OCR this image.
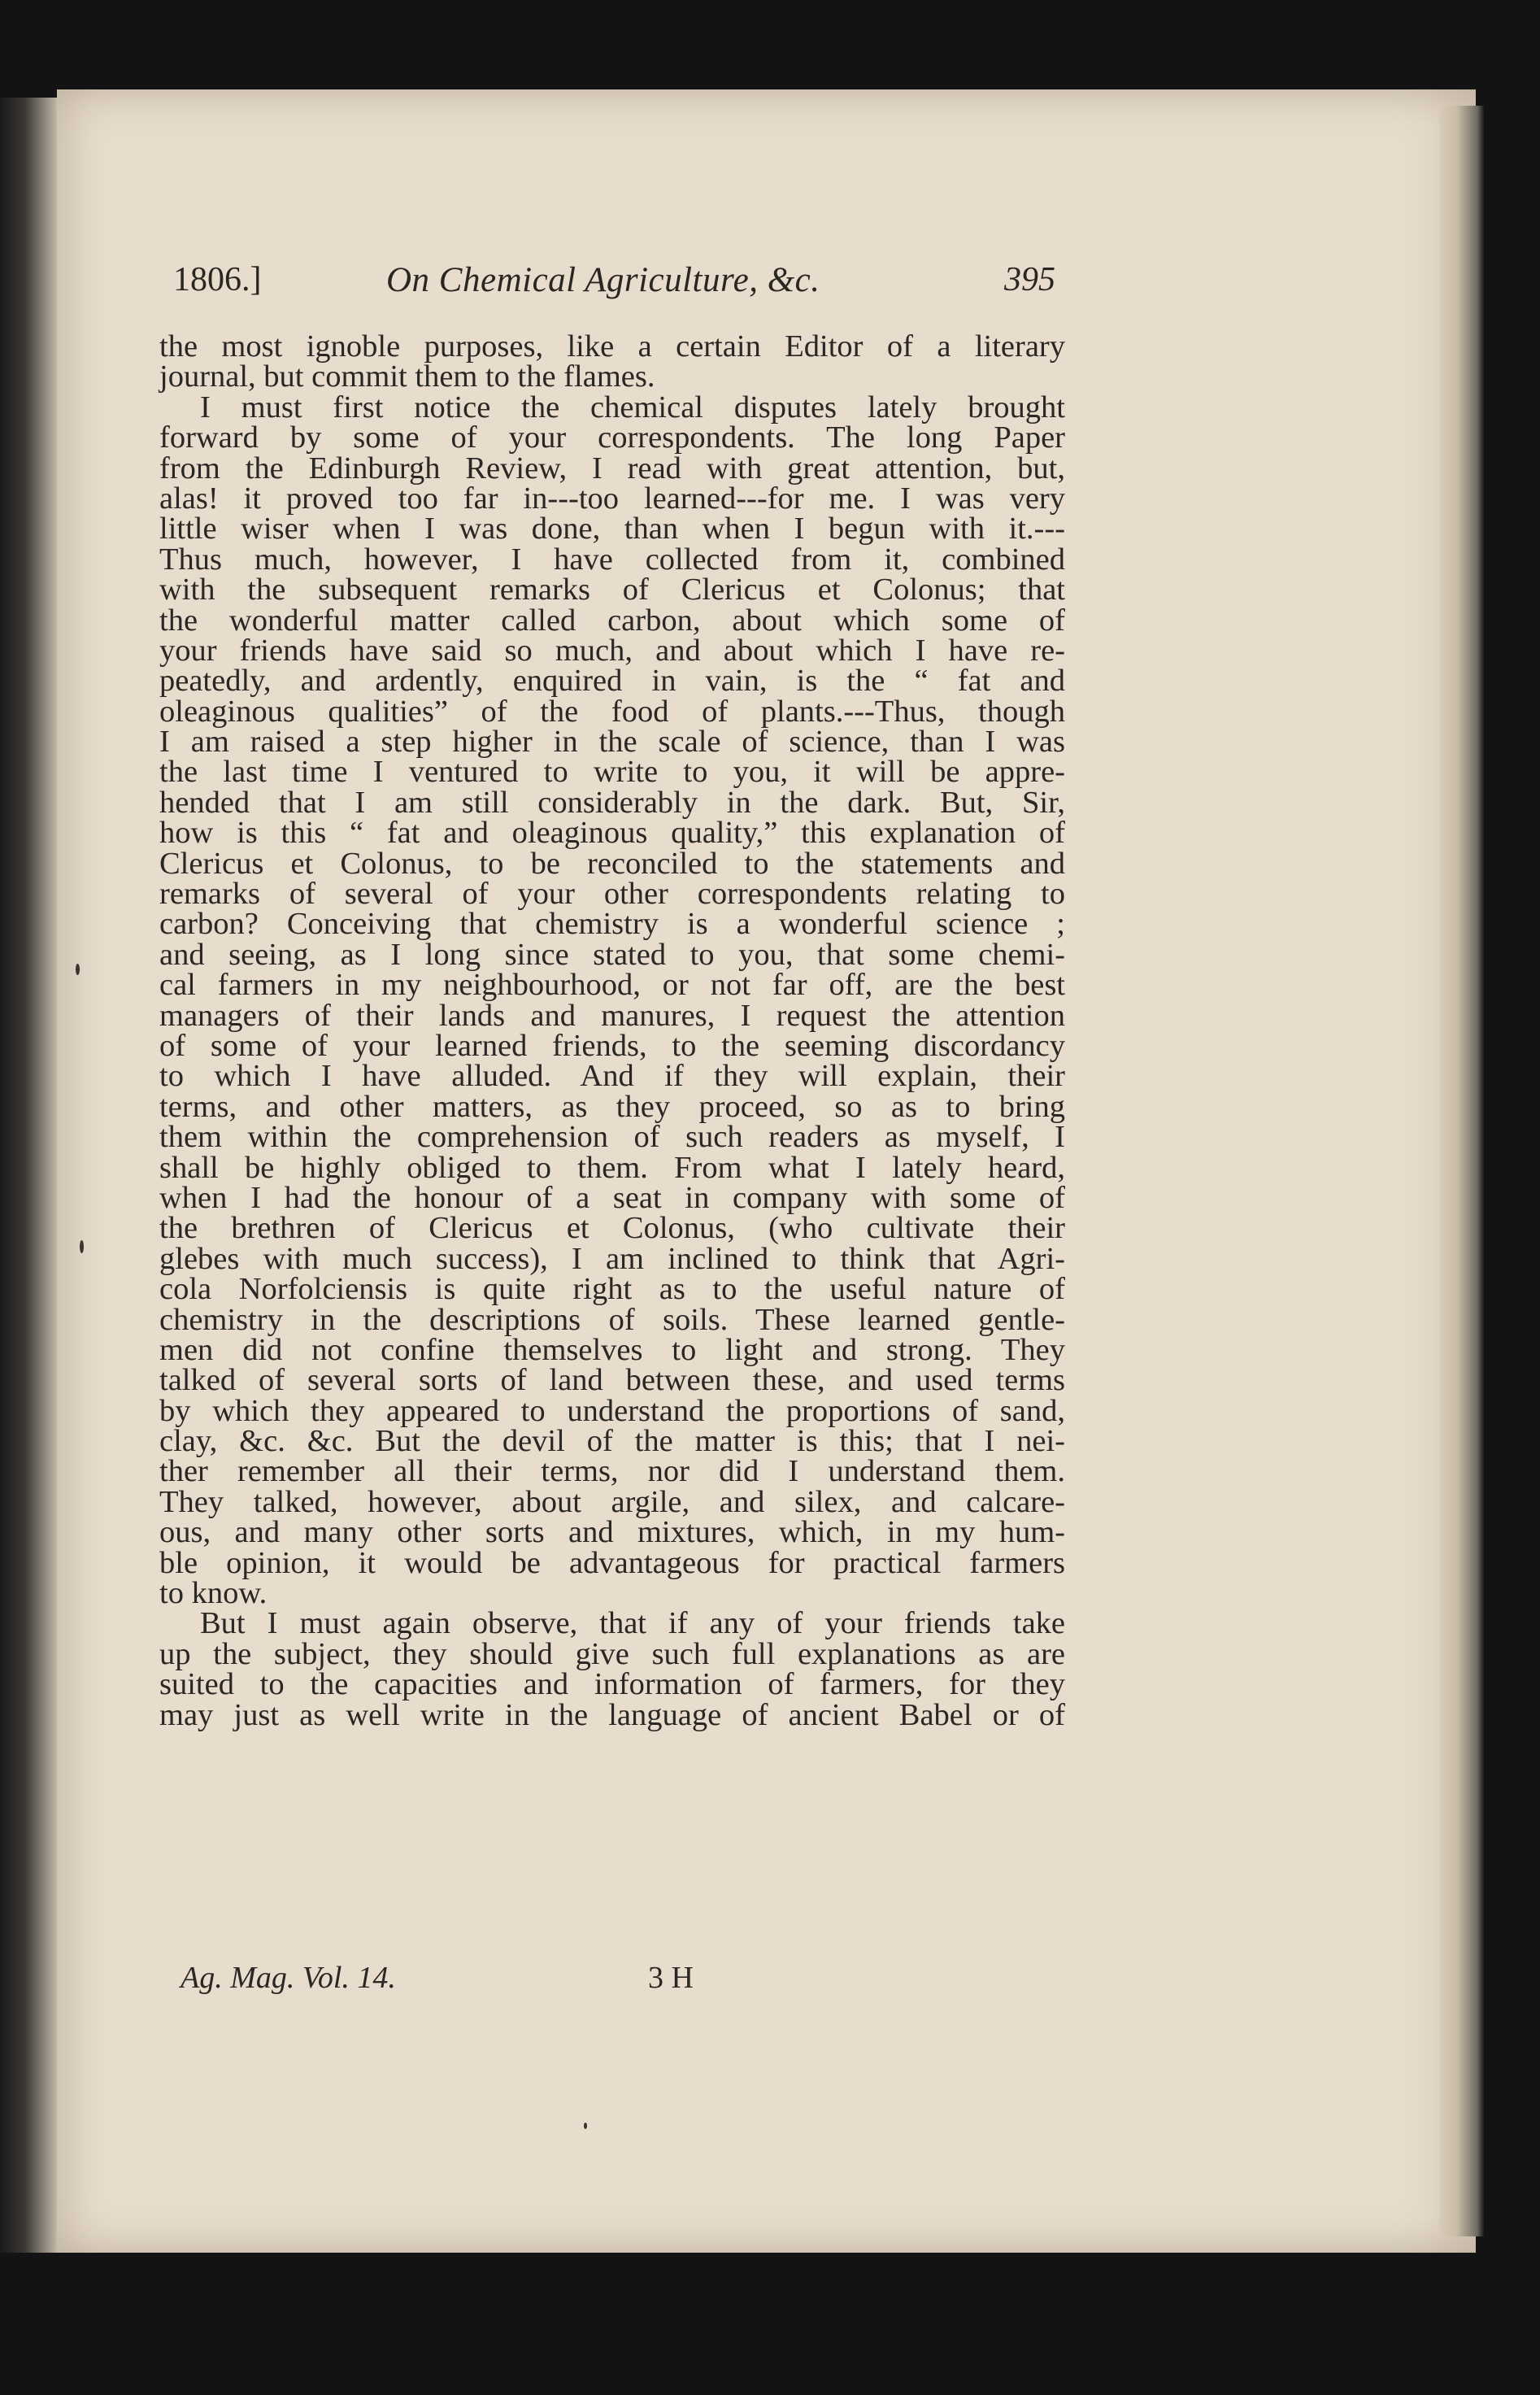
1806.]	On Chemical Agriculture, &c.	395
the most ignoble purposes, like a certain Editor of a literary
journal, but commit them to the flames.
I must first notice the chemical disputes lately brought
forward by some of your correspondents. The long Paper
from the Edinburgh Review, I read with great attention, but,
alas! it proved too far in---too learned---for me. I was very
little wiser when I was done, than when I begun with it.---
Thus much, however, I have collected from it, combined
with the subsequent remarks of Clericus et Colonus; that
the wonderful matter called carbon, about which some of
your friends have said so much, and about which I have re-
peatedly, and ardently, enquired in vain, is the “ fat and
oleaginous qualities” of the food of plants.---Thus, though
I am raised a step higher in the scale of science, than I was
the last time I ventured to write to you, it will be appre-
hended that I am still considerably in the dark. But, Sir,
how is this “ fat and oleaginous quality,” this explanation of
Clericus et Colonus, to be reconciled to the statements and
remarks of several of your other correspondents relating to
carbon? Conceiving that chemistry is a wonderful science ;
and seeing, as I long since stated to you, that some chemi-
cal farmers in my neighbourhood, or not far off, are the best
managers of their lands and manures, I request the attention
of some of your learned friends, to the seeming discordancy
to which I have alluded. And if they will explain, their
terms, and other matters, as they proceed, so as to bring
them within the comprehension of such readers as myself, I
shall be highly obliged to them. From what I lately heard,
when I had the honour of a seat in company with some of
the brethren of Clericus et Colonus, (who cultivate their
glebes with much success), I am inclined to think that Agri-
cola Norfolciensis is quite right as to the useful nature of
chemistry in the descriptions of soils. These learned gentle-
men did not confine themselves to light and strong. They
talked of several sorts of land between these, and used terms
by which they appeared to understand the proportions of sand,
clay, &c. &c. But the devil of the matter is this; that I nei-
ther remember all their terms, nor did I understand them.
They talked, however, about argile, and silex, and calcare-
ous, and many other sorts and mixtures, which, in my hum-
ble opinion, it would be advantageous for practical farmers
to know.
But I must again observe, that if any of your friends take
up the subject, they should give such full explanations as are
suited to the capacities and information of farmers, for they
may just as well write in the language of ancient Babel or of
Ag. Mag. Vol. 14.	3 H
